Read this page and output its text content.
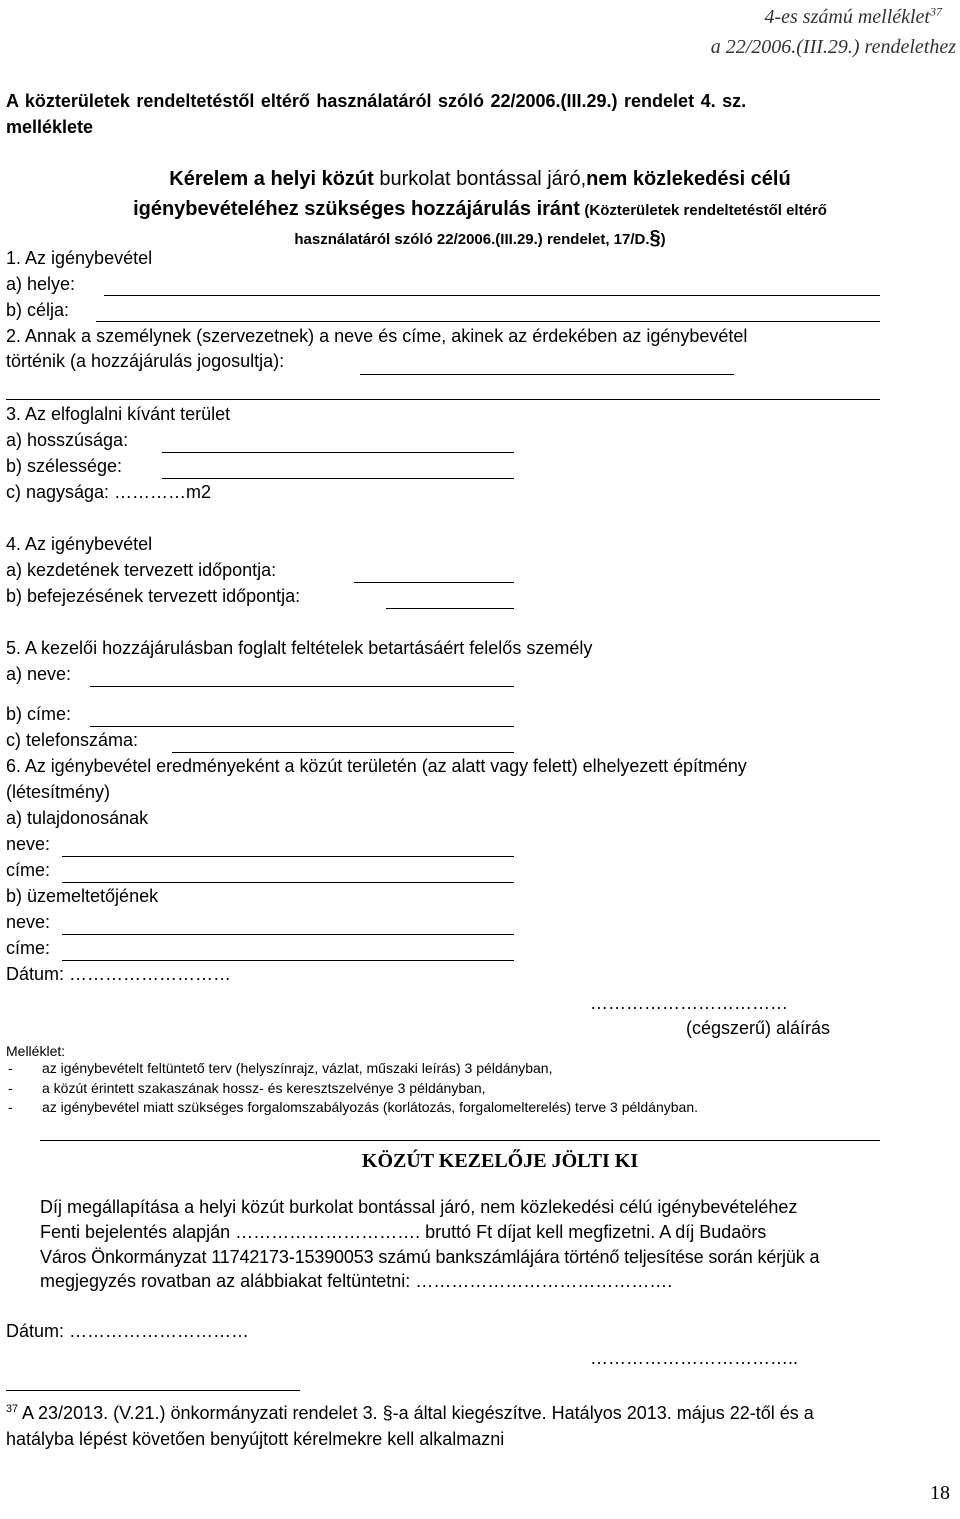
4-es számú melléklet$^{37}$
a 22/2006.(III.29.) rendelethez
A közterületek rendeltetéstől eltérő használatáról szóló 22/2006.(III.29.) rendelet 4. sz.
melléklete
Kérelem a helyi közút burkolat bontással járó,nem közlekedési célú
igénybevételéhez szükséges hozzájárulás iránt (Közterületek rendeltetéstől eltérő
használatáról szóló 22/2006.(III.29.) rendelet, 17/D.§)
1. Az igénybevétel
a) helye:
b) célja:
2. Annak a személynek (szervezetnek) a neve és címe, akinek az érdekében az igénybevétel
történik (a hozzájárulás jogosultja):
3. Az elfoglalni kívánt terület
a) hosszúsága:
b) szélessége:
c) nagysága: …………m2
4. Az igénybevétel
a) kezdetének tervezett időpontja:
b) befejezésének tervezett időpontja:
5. A kezelői hozzájárulásban foglalt feltételek betartásáért felelős személy
a) neve:
b) címe:
c) telefonszáma:
6. Az igénybevétel eredményeként a közút területén (az alatt vagy felett) elhelyezett építmény
(létesítmény)
a) tulajdonosának
neve:
címe:
b) üzemeltetőjének
neve:
címe:
Dátum: ………………………
……………………………
(cégszerű) aláírás
Melléklet:
- az igénybevételt feltüntető terv (helyszínrajz, vázlat, műszaki leírás) 3 példányban,
- a közút érintett szakaszának hossz- és keresztszelvénye 3 példányban,
- az igénybevétel miatt szükséges forgalomszabályozás (korlátozás, forgalomelterelés) terve 3 példányban.
KÖZÚT KEZELŐJE JÖLTI KI
Díj megállapítása a helyi közút burkolat bontással járó, nem közlekedési célú igénybevételéhez
Fenti bejelentés alapján …………………………. bruttó Ft díjat kell megfizetni. A díj Budaörs
Város Önkormányzat 11742173-15390053 számú bankszámlájára történő teljesítése során kérjük a
megjegyzés rovatban az alábbiakat feltüntetni: …………………………………….
Dátum: …………………………
……………………………..
$^{37}$ A 23/2013. (V.21.) önkormányzati rendelet 3. §-a által kiegészítve. Hatályos 2013. május 22-től és a
hatályba lépést követően benyújtott kérelmekre kell alkalmazni
18
